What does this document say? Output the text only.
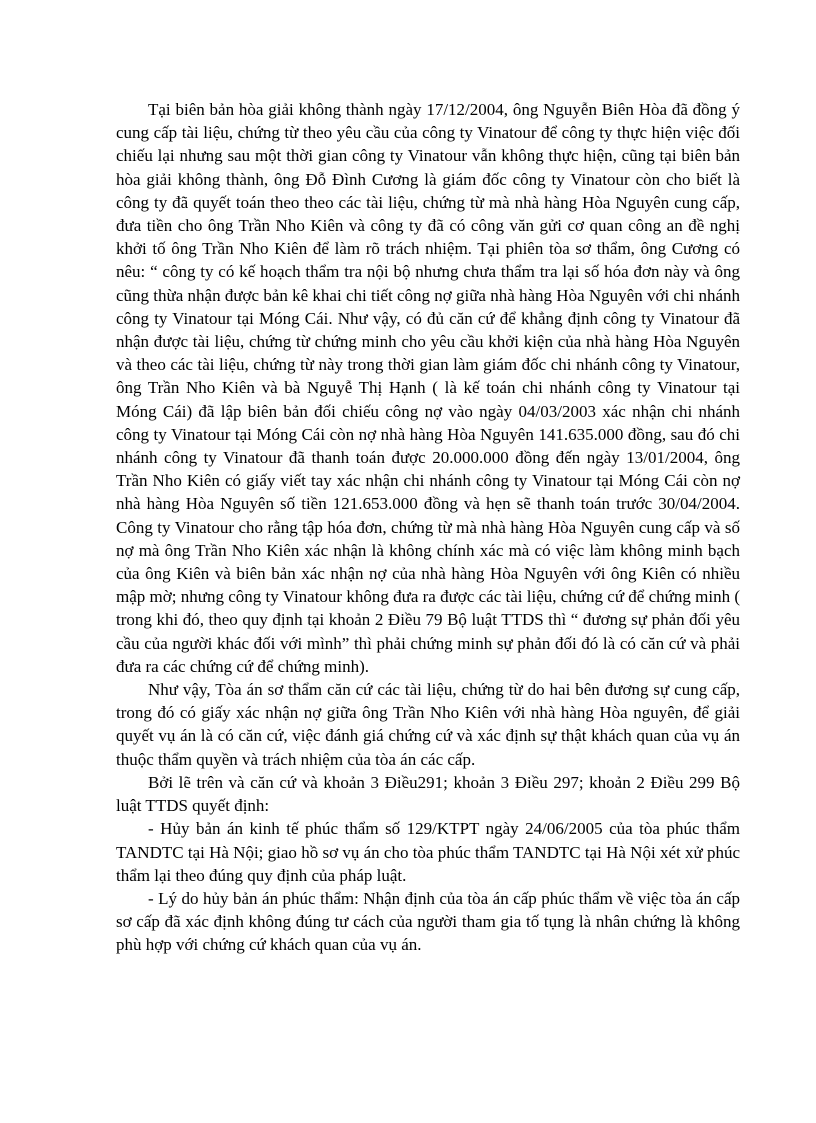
Tại biên bản hòa giải không thành ngày 17/12/2004, ông Nguyễn Biên Hòa đã đồng ý cung cấp tài liệu, chứng từ theo yêu cầu của công ty Vinatour để công ty thực hiện việc đối chiếu lại nhưng sau một thời gian công ty Vinatour vẫn không thực hiện, cũng tại biên bản hòa giải không thành, ông Đỗ Đình Cương là giám đốc công ty Vinatour còn cho biết là công ty đã quyết toán theo theo các tài liệu, chứng từ mà nhà hàng Hòa Nguyên cung cấp, đưa tiền cho ông Trần Nho Kiên và công ty đã có công văn gửi cơ quan công an đề nghị khởi tố ông Trần Nho Kiên để làm rõ trách nhiệm. Tại phiên tòa sơ thẩm, ông Cương có nêu: “ công ty có kế hoạch thẩm tra nội bộ nhưng chưa thẩm tra lại số hóa đơn này và ông cũng thừa nhận được bản kê khai chi tiết công nợ giữa nhà hàng Hòa Nguyên với chi nhánh công ty Vinatour tại Móng Cái. Như vậy, có đủ căn cứ để khẳng định công ty Vinatour đã nhận được tài liệu, chứng từ chứng minh cho yêu cầu khởi kiện của nhà hàng Hòa Nguyên và theo các tài liệu, chứng từ này trong thời gian làm giám đốc chi nhánh công ty Vinatour, ông Trần Nho Kiên và bà Nguyễ Thị Hạnh ( là kế toán chi nhánh công ty Vinatour tại Móng Cái) đã lập biên bản đối chiếu công nợ vào ngày 04/03/2003 xác nhận chi nhánh công ty Vinatour tại Móng Cái còn nợ nhà hàng Hòa Nguyên 141.635.000 đồng, sau đó chi nhánh công ty Vinatour đã thanh toán được 20.000.000 đồng đến ngày 13/01/2004, ông Trần Nho Kiên có giấy viết tay xác nhận chi nhánh công ty Vinatour tại Móng Cái còn nợ nhà hàng Hòa Nguyên số tiền 121.653.000 đồng và hẹn sẽ thanh toán trước 30/04/2004. Công ty Vinatour cho rằng tập hóa đơn, chứng từ mà nhà hàng Hòa Nguyên cung cấp và số nợ mà ông Trần Nho Kiên xác nhận là không chính xác mà có việc làm không minh bạch của ông Kiên và biên bản xác nhận nợ của nhà hàng Hòa Nguyên với ông Kiên có nhiều mập mờ; nhưng công ty Vinatour không đưa ra được các tài liệu, chứng cứ để chứng minh ( trong khi đó, theo quy định tại khoản 2 Điều 79 Bộ luật TTDS thì “ đương sự phản đối yêu cầu của người khác đối với mình” thì phải chứng minh sự phản đối đó là có căn cứ và phải đưa ra các chứng cứ để chứng minh).

Như vậy, Tòa án sơ thẩm căn cứ các tài liệu, chứng từ do hai bên đương sự cung cấp, trong đó có giấy xác nhận nợ giữa ông Trần Nho Kiên với nhà hàng Hòa nguyên, để giải quyết vụ án là có căn cứ, việc đánh giá chứng cứ và xác định sự thật khách quan của vụ án thuộc thẩm quyền và trách nhiệm của tòa án các cấp.

Bởi lẽ trên và căn cứ và khoản 3 Điều291; khoản 3 Điều 297; khoản 2 Điều 299 Bộ luật TTDS quyết định:

- Hủy bản án kinh tế phúc thẩm số 129/KTPT ngày 24/06/2005 của tòa phúc thẩm TANDTC tại Hà Nội; giao hồ sơ vụ án cho tòa phúc thẩm TANDTC tại Hà Nội xét xử phúc thẩm lại theo đúng quy định của pháp luật.

- Lý do hủy bản án phúc thẩm: Nhận định của tòa án cấp phúc thẩm về việc tòa án cấp sơ cấp đã xác định không đúng tư cách của người tham gia tố tụng là nhân chứng là không phù hợp với chứng cứ khách quan của vụ án.
